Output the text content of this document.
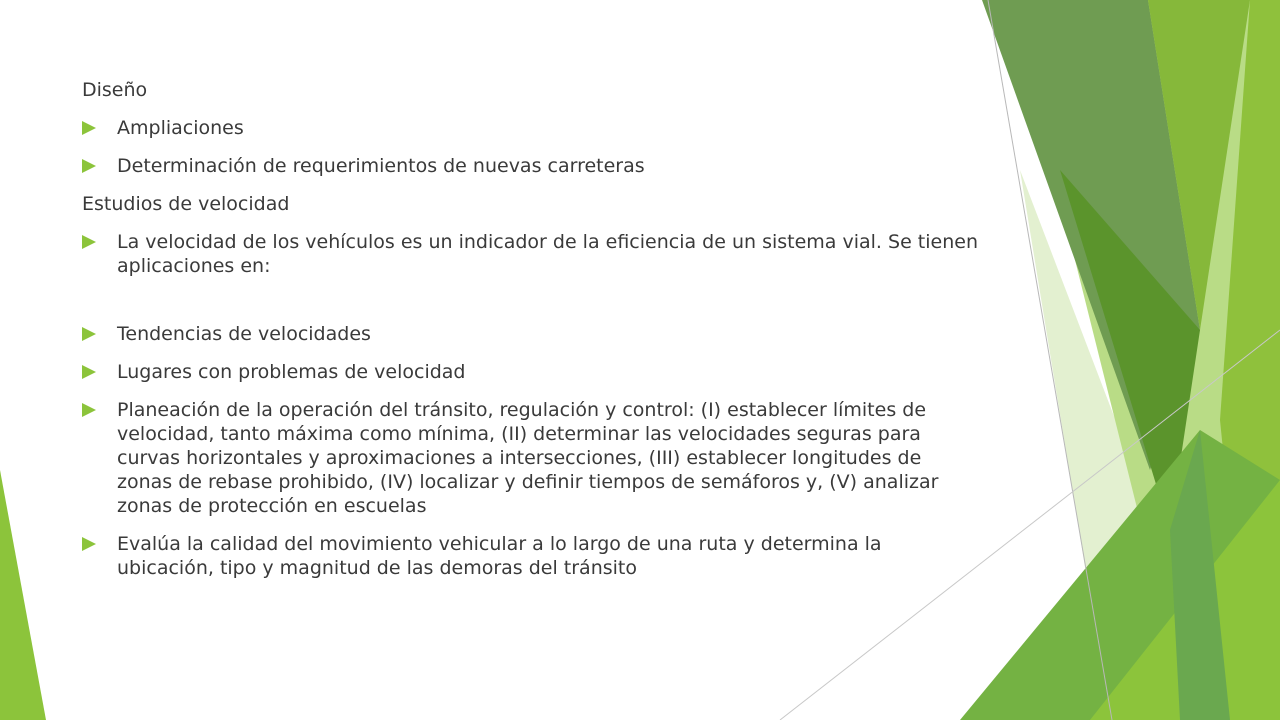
Diseño

Ampliaciones
Determinación de requerimientos de nuevas carreteras

Estudios de velocidad

La velocidad de los vehículos es un indicador de la eficiencia de un sistema vial. Se tienen aplicaciones en:
Tendencias de velocidades
Lugares con problemas de velocidad
Planeación de la operación del tránsito, regulación y control: (I) establecer límites de velocidad, tanto máxima como mínima, (II) determinar las velocidades seguras para curvas horizontales y aproximaciones a intersecciones, (III) establecer longitudes de zonas de rebase prohibido, (IV) localizar y definir tiempos de semáforos y, (V) analizar zonas de protección en escuelas
Evalúa la calidad del movimiento vehicular a lo largo de una ruta y determina la ubicación, tipo y magnitud de las demoras del tránsito
